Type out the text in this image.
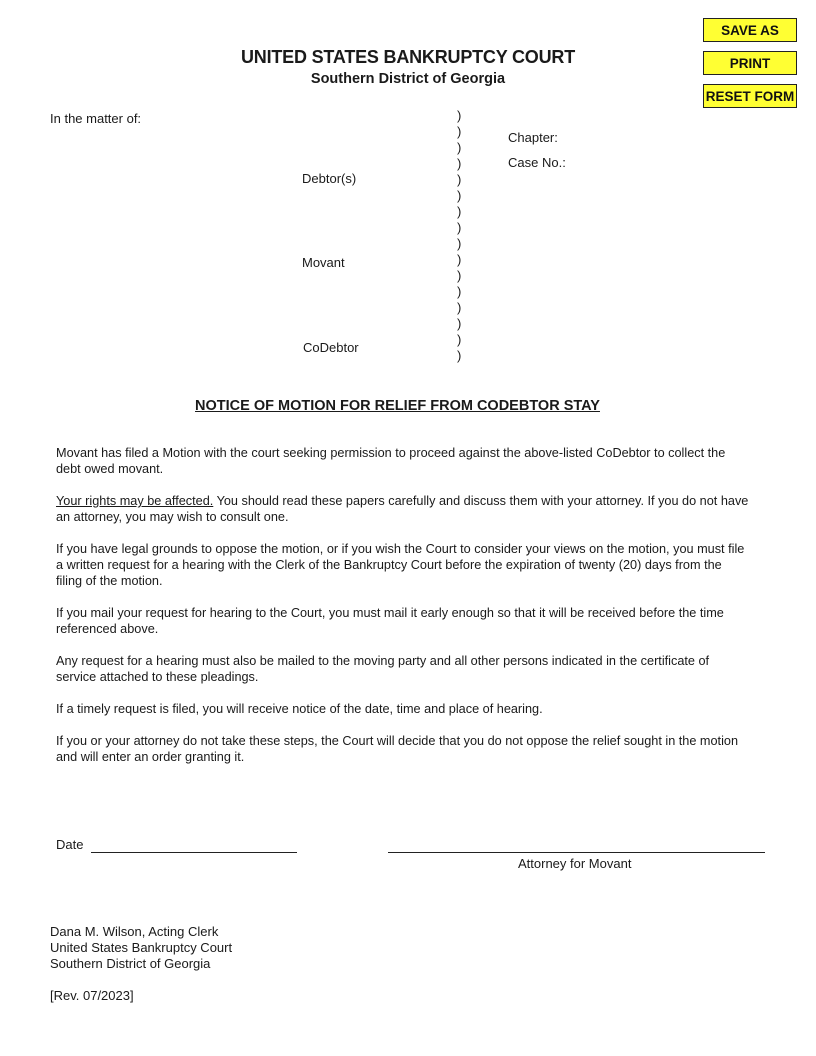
SAVE AS
PRINT
RESET FORM
UNITED STATES BANKRUPTCY COURT
Southern District of Georgia
In the matter of:
Debtor(s)
Movant
CoDebtor
Chapter:
Case No.:
)
)
)
)
)
)
)
)
)
)
)
)
)
)
)
)
NOTICE OF MOTION FOR RELIEF FROM CODEBTOR STAY

Movant has filed a Motion with the court seeking permission to proceed against the above-listed CoDebtor to collect the debt owed movant.

Your rights may be affected. You should read these papers carefully and discuss them with your attorney. If you do not have an attorney, you may wish to consult one.

If you have legal grounds to oppose the motion, or if you wish the Court to consider your views on the motion, you must file a written request for a hearing with the Clerk of the Bankruptcy Court before the expiration of twenty (20) days from the filing of the motion.

If you mail your request for hearing to the Court, you must mail it early enough so that it will be received before the time referenced above.

Any request for a hearing must also be mailed to the moving party and all other persons indicated in the certificate of service attached to these pleadings.

If a timely request is filed, you will receive notice of the date, time and place of hearing.

If you or your attorney do not take these steps, the Court will decide that you do not oppose the relief sought in the motion and will enter an order granting it.

Date
Attorney for Movant
Dana M. Wilson, Acting Clerk
United States Bankruptcy Court
Southern District of Georgia
[Rev. 07/2023]
